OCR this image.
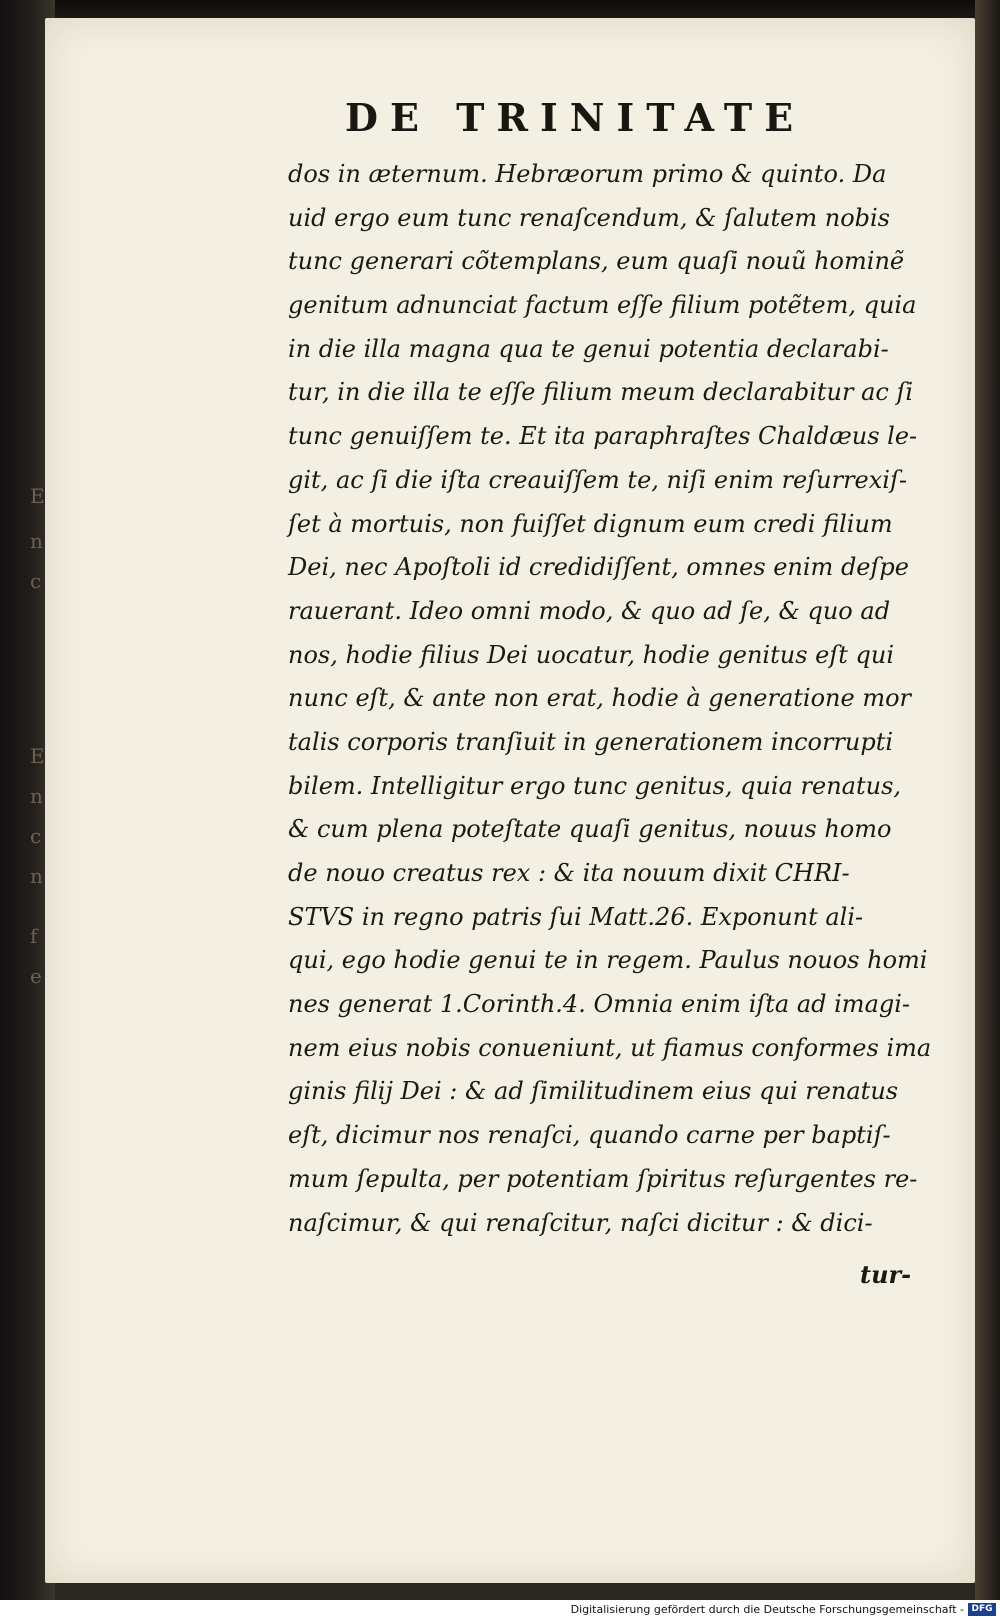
E
n
c
E
n
c
n
f
e
DE TRINITATE
dos in æternum. Hebræorum primo & quinto. Da
uid ergo eum tunc renaſcendum, & ſalutem nobis
tunc generari cõtemplans, eum quaſi nouũ hominẽ
genitum adnunciat factum eſſe filium potẽtem, quia
in die illa magna qua te genui potentia declarabi-
tur, in die illa te eſſe filium meum declarabitur ac ſi
tunc genuiſſem te. Et ita paraphraſtes Chaldæus le-
git, ac ſi die iſta creauiſſem te, niſi enim reſurrexiſ-
ſet à mortuis, non fuiſſet dignum eum credi filium
Dei, nec Apoſtoli id credidiſſent, omnes enim deſpe
rauerant. Ideo omni modo, & quo ad ſe, & quo ad
nos, hodie filius Dei uocatur, hodie genitus eſt qui
nunc eſt, & ante non erat, hodie à generatione mor
talis corporis tranſiuit in generationem incorrupti
bilem. Intelligitur ergo tunc genitus, quia renatus,
& cum plena poteſtate quaſi genitus, nouus homo
de nouo creatus rex : & ita nouum dixit CHRI-
STVS in regno patris ſui Matt.26. Exponunt ali-
qui, ego hodie genui te in regem. Paulus nouos homi
nes generat 1.Corinth.4. Omnia enim iſta ad imagi-
nem eius nobis conueniunt, ut fiamus conformes ima
ginis filij Dei : & ad ſimilitudinem eius qui renatus
eſt, dicimur nos renaſci, quando carne per baptiſ-
mum ſepulta, per potentiam ſpiritus reſurgentes re-
naſcimur, & qui renaſcitur, naſci dicitur : & dici-
tur-
Digitalisierung gefördert durch die Deutsche Forschungsgemeinschaft - DFG
